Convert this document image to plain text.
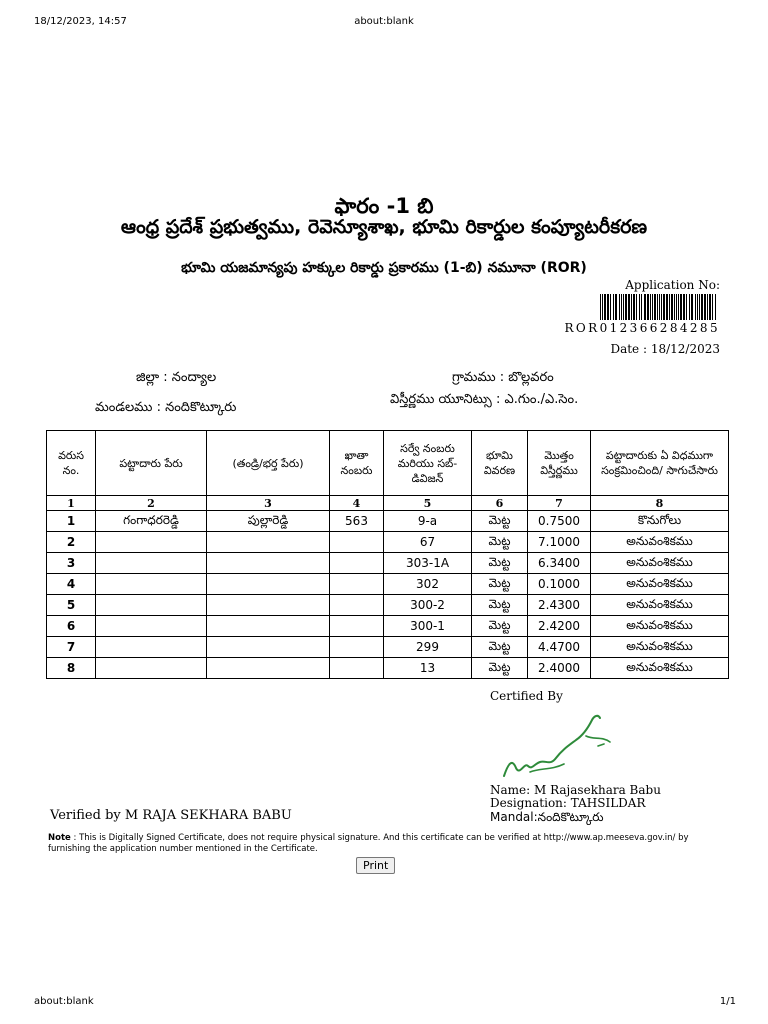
18/12/2023, 14:57	about:blank
ఫారం -1 బి
ఆంధ్ర ప్రదేశ్ ప్రభుత్వము, రెవెన్యూశాఖ, భూమి రికార్డుల కంప్యూటరీకరణ
భూమి యజమాన్యపు హక్కుల రికార్డు ప్రకారము (1-బి) నమూనా (ROR)
Application No:
ROR012366284285
Date : 18/12/2023
జిల్లా : నంద్యాల	గ్రామము : బొల్లవరం
మండలము : నందికొట్కూరు
విస్తీర్ణము యూనిట్సు : ఎ.గుం./ఎ.సెం.
వరుస నం.	పట్టాదారు పేరు	(తండ్రి/భర్త పేరు)	ఖాతా నంబరు	సర్వే నంబరు మరియు సబ్-డివిజన్	భూమి వివరణ	మొత్తం విస్తీర్ణము	పట్టాదారుకు ఏ విధముగా సంక్రమించింది/ సాగుచేసారు
1	2	3	4	5	6	7	8
1	గంగాధరరెడ్డి	పుల్లారెడ్డి	563	9-a	మెట్ట	0.7500	కొనుగోలు
2				67	మెట్ట	7.1000	అనువంశికము
3				303-1A	మెట్ట	6.3400	అనువంశికము
4				302	మెట్ట	0.1000	అనువంశికము
5				300-2	మెట్ట	2.4300	అనువంశికము
6				300-1	మెట్ట	2.4200	అనువంశికము
7				299	మెట్ట	4.4700	అనువంశికము
8				13	మెట్ట	2.4000	అనువంశికము
Certified By
Name: M Rajasekhara Babu
Designation: TAHSILDAR
Mandal:నందికొట్కూరు
Verified by M RAJA SEKHARA BABU
Note : This is Digitally Signed Certificate, does not require physical signature. And this certificate can be verified at http://www.ap.meeseva.gov.in/ by furnishing the application number mentioned in the Certificate.
Print
about:blank	1/1
